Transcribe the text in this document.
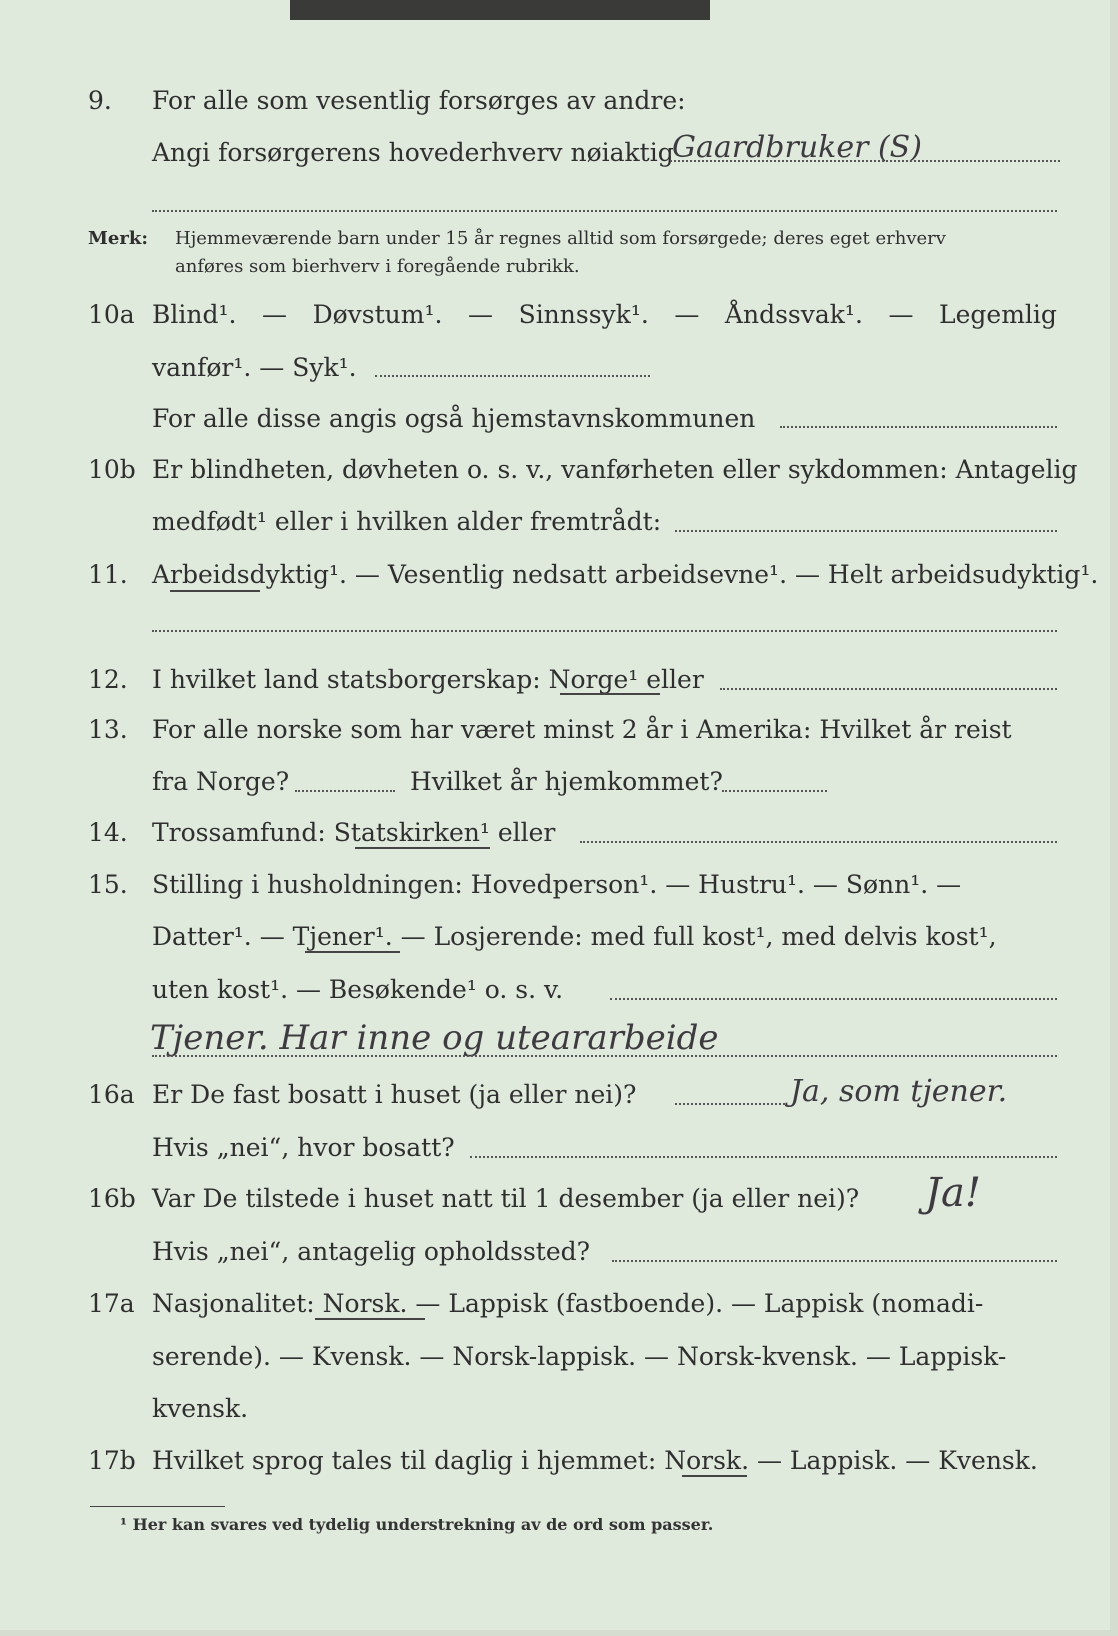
9. For alle som vesentlig forsørges av andre:
Angi forsørgerens hovederhverv nøiaktig
Gaardbruker (S)
Merk: Hjemmeværende barn under 15 år regnes alltid som forsørgede; deres eget erhverv
anføres som bierhverv i foregående rubrikk.
10a Blind¹. — Døvstum¹. — Sinnssyk¹. — Åndssvak¹. — Legemlig
vanfør¹. — Syk¹.
For alle disse angis også hjemstavnskommunen
10b Er blindheten, døvheten o. s. v., vanførheten eller sykdommen: Antagelig
medfødt¹ eller i hvilken alder fremtrådt:
11. Arbeidsdyktig¹. — Vesentlig nedsatt arbeidsevne¹. — Helt arbeidsudyktig¹.
12. I hvilket land statsborgerskap: Norge¹ eller
13. For alle norske som har været minst 2 år i Amerika: Hvilket år reist
fra Norge?	Hvilket år hjemkommet?
14. Trossamfund: Statskirken¹ eller
15. Stilling i husholdningen: Hovedperson¹. — Hustru¹. — Sønn¹. —
Datter¹. — Tjener¹. — Losjerende: med full kost¹, med delvis kost¹,
uten kost¹. — Besøkende¹ o. s. v.
Tjener. Har inne og uteararbeide
16a Er De fast bosatt i huset (ja eller nei)?	Ja, som tjener.
Hvis „nei“, hvor bosatt?
16b Var De tilstede i huset natt til 1 desember (ja eller nei)? Ja!
Hvis „nei“, antagelig opholdssted?
17a Nasjonalitet: Norsk. — Lappisk (fastboende). — Lappisk (nomadi-
serende). — Kvensk. — Norsk-lappisk. — Norsk-kvensk. — Lappisk-
kvensk.
17b Hvilket sprog tales til daglig i hjemmet: Norsk. — Lappisk. — Kvensk.
¹ Her kan svares ved tydelig understrekning av de ord som passer.
